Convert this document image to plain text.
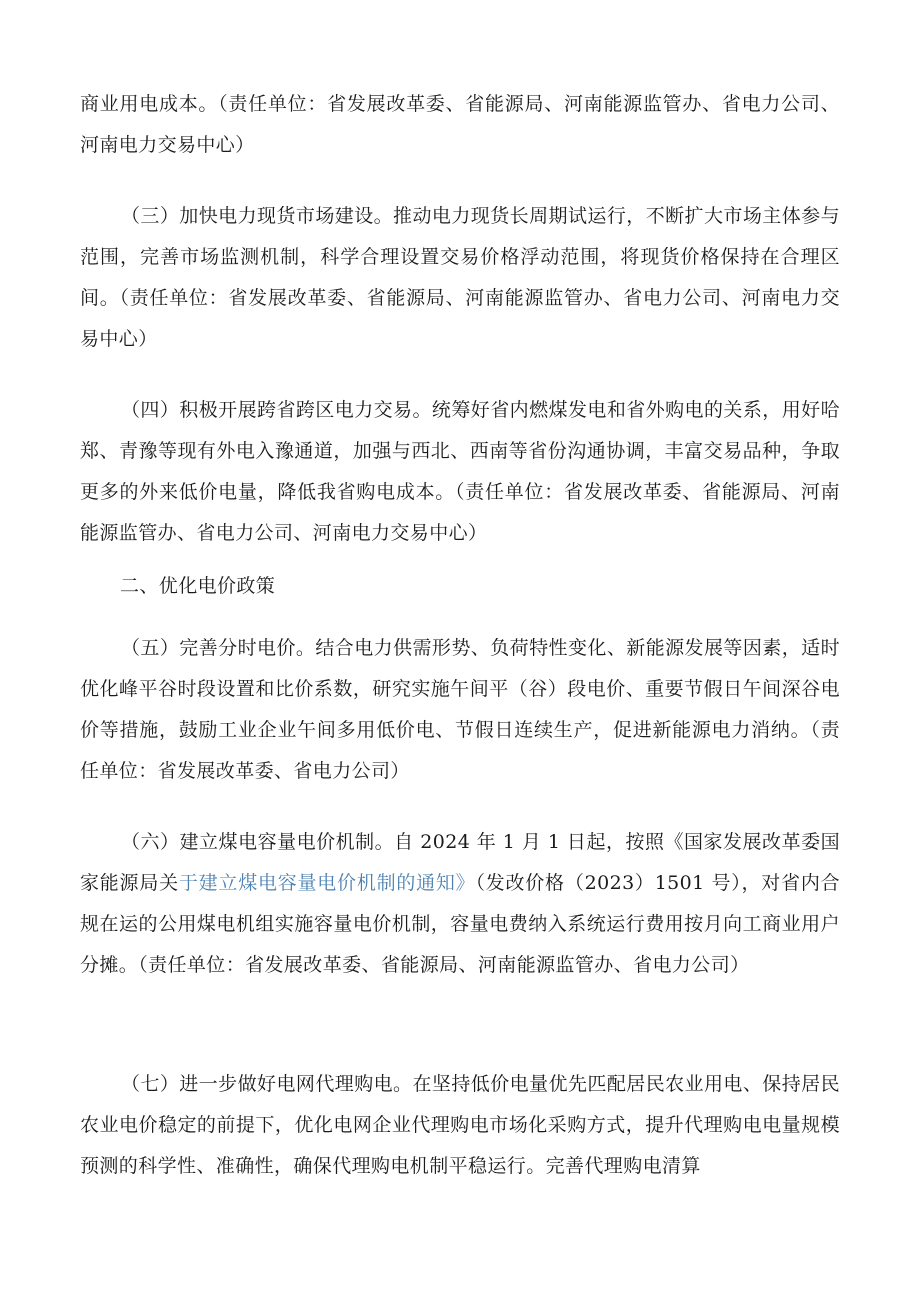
商业用电成本。（责任单位：省发展改革委、省能源局、河南能源监管办、省电力公司、河南电力交易中心）

（三）加快电力现货市场建设。推动电力现货长周期试运行，不断扩大市场主体参与范围，完善市场监测机制，科学合理设置交易价格浮动范围，将现货价格保持在合理区间。（责任单位：省发展改革委、省能源局、河南能源监管办、省电力公司、河南电力交易中心）

（四）积极开展跨省跨区电力交易。统筹好省内燃煤发电和省外购电的关系，用好哈郑、青豫等现有外电入豫通道，加强与西北、西南等省份沟通协调，丰富交易品种，争取更多的外来低价电量，降低我省购电成本。（责任单位：省发展改革委、省能源局、河南能源监管办、省电力公司、河南电力交易中心）

二、优化电价政策

（五）完善分时电价。结合电力供需形势、负荷特性变化、新能源发展等因素，适时优化峰平谷时段设置和比价系数，研究实施午间平（谷）段电价、重要节假日午间深谷电价等措施，鼓励工业企业午间多用低价电、节假日连续生产，促进新能源电力消纳。（责任单位：省发展改革委、省电力公司）

（六）建立煤电容量电价机制。自 2024 年 1 月 1 日起，按照《国家发展改革委国家能源局关于建立煤电容量电价机制的通知》（发改价格（2023）1501 号），对省内合规在运的公用煤电机组实施容量电价机制，容量电费纳入系统运行费用按月向工商业用户分摊。（责任单位：省发展改革委、省能源局、河南能源监管办、省电力公司）

（七）进一步做好电网代理购电。在坚持低价电量优先匹配居民农业用电、保持居民农业电价稳定的前提下，优化电网企业代理购电市场化采购方式，提升代理购电电量规模预测的科学性、准确性，确保代理购电机制平稳运行。完善代理购电清算
